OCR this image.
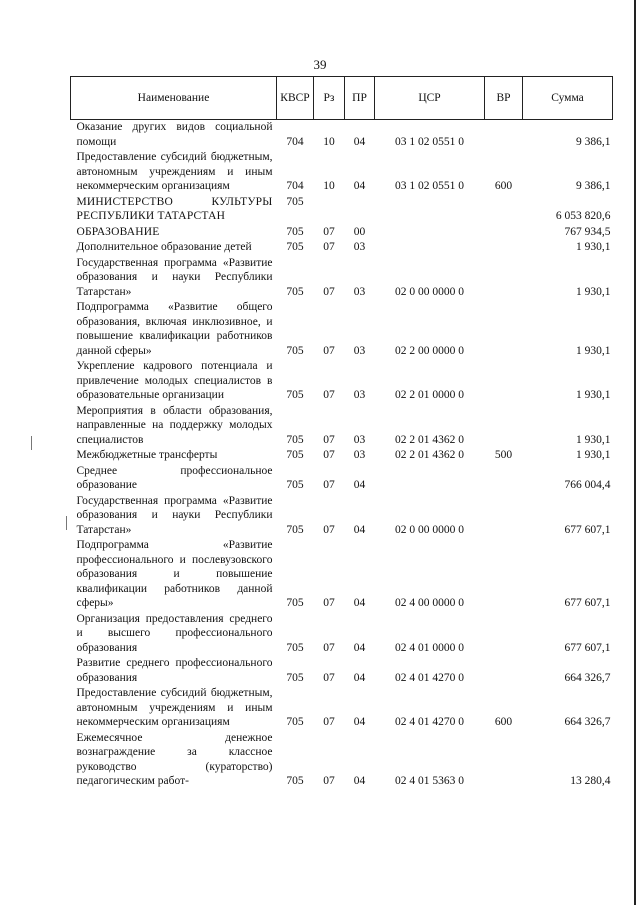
39
Наименование	КВСР	Рз	ПР	ЦСР	ВР	Сумма
Оказание других видов социальной помощи	704	10	04	03 1 02 0551 0		9 386,1
Предоставление субсидий бюджетным, автономным учреждениям и иным некоммерческим организациям	704	10	04	03 1 02 0551 0	600	9 386,1
МИНИСТЕРСТВО КУЛЬТУРЫ РЕСПУБЛИКИ ТАТАРСТАН	705					6 053 820,6
ОБРАЗОВАНИЕ	705	07	00			767 934,5
Дополнительное образование детей	705	07	03			1 930,1
Государственная программа «Развитие образования и науки Республики Татарстан»	705	07	03	02 0 00 0000 0		1 930,1
Подпрограмма «Развитие общего образования, включая инклюзивное, и повышение квалификации работников данной сферы»	705	07	03	02 2 00 0000 0		1 930,1
Укрепление кадрового потенциала и привлечение молодых специалистов в образовательные организации	705	07	03	02 2 01 0000 0		1 930,1
Мероприятия в области образования, направленные на поддержку молодых специалистов	705	07	03	02 2 01 4362 0		1 930,1
Межбюджетные трансферты	705	07	03	02 2 01 4362 0	500	1 930,1
Среднее профессиональное образование	705	07	04			766 004,4
Государственная программа «Развитие образования и науки Республики Татарстан»	705	07	04	02 0 00 0000 0		677 607,1
Подпрограмма «Развитие профессионального и послевузовского образования и повышение квалификации работников данной сферы»	705	07	04	02 4 00 0000 0		677 607,1
Организация предоставления среднего и высшего профессионального образования	705	07	04	02 4 01 0000 0		677 607,1
Развитие среднего профессионального образования	705	07	04	02 4 01 4270 0		664 326,7
Предоставление субсидий бюджетным, автономным учреждениям и иным некоммерческим организациям	705	07	04	02 4 01 4270 0	600	664 326,7
Ежемесячное денежное вознаграждение за классное руководство (кураторство) педагогическим работ-	705	07	04	02 4 01 5363 0		13 280,4
